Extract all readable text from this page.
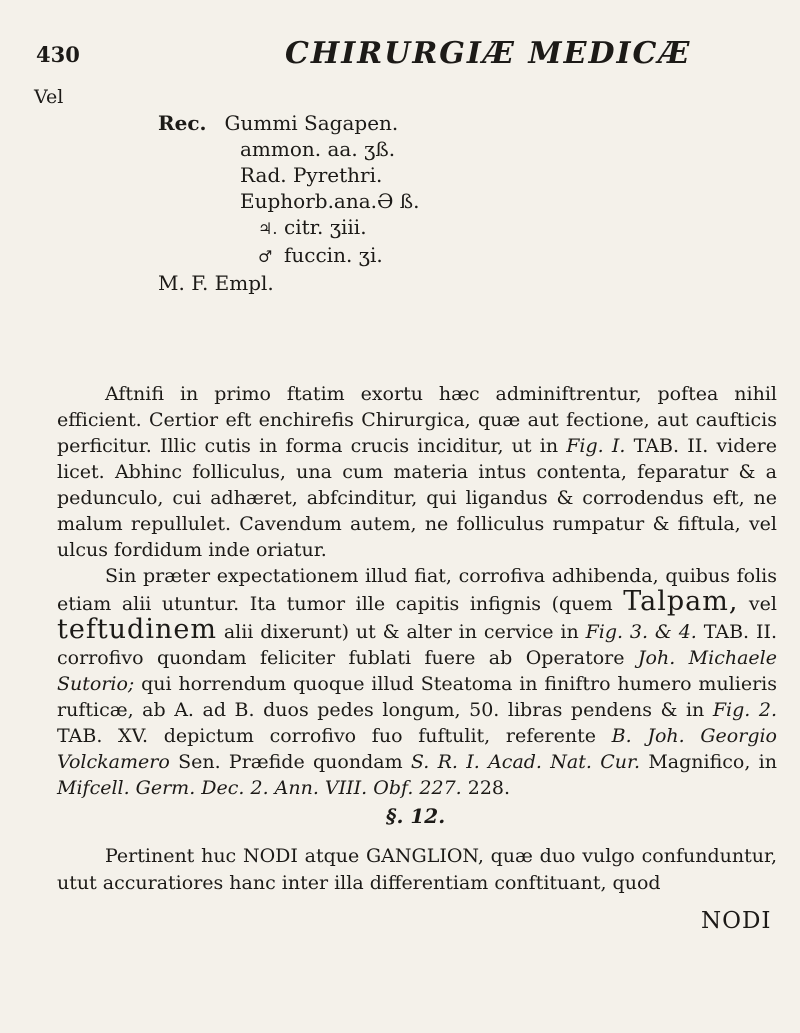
430	CHIRURGIÆ MEDICÆ
Vel
Rec. Gummi Sagapen.
ammon. aa. ʒß.
Rad. Pyrethri.
Euphorb.ana.Ə ß.
♃. citr. ʒiii.
♂ fuccin. ʒi.
M. F. Empl.

Aftnifi in primo ftatim exortu hæc adminiftrentur, poftea nihil efficient. Certior eft enchirefis Chirurgica, quæ aut fectione, aut caufticis perficitur. Illic cutis in forma crucis inciditur, ut in Fig. I. TAB. II. videre licet. Abhinc folliculus, una cum materia intus contenta, feparatur & a pedunculo, cui adhæret, abfcinditur, qui ligandus & corrodendus eft, ne malum repullulet. Cavendum autem, ne folliculus rumpatur & fiftula, vel ulcus fordidum inde oriatur.

Sin præter expectationem illud fiat, corrofiva adhibenda, quibus folis etiam alii utuntur. Ita tumor ille capitis infignis (quem Talpam, vel teftudinem alii dixerunt) ut & alter in cervice in Fig. 3. & 4. TAB. II. corrofivo quondam feliciter fublati fuere ab Operatore Joh. Michaele Sutorio; qui horrendum quoque illud Steatoma in finiftro humero mulieris rufticæ, ab A. ad B. duos pedes longum, 50. libras pendens & in Fig. 2. TAB. XV. depictum corrofivo fuo fuftulit, referente B. Joh. Georgio Volckamero Sen. Præfide quondam S. R. I. Acad. Nat. Cur. Magnifico, in Mifcell. Germ. Dec. 2. Ann. VIII. Obf. 227. 228.

§. 12.

Pertinent huc NODI atque GANGLION, quæ duo vulgo confunduntur, utut accuratiores hanc inter illa differentiam conftituant, quod

NODI
